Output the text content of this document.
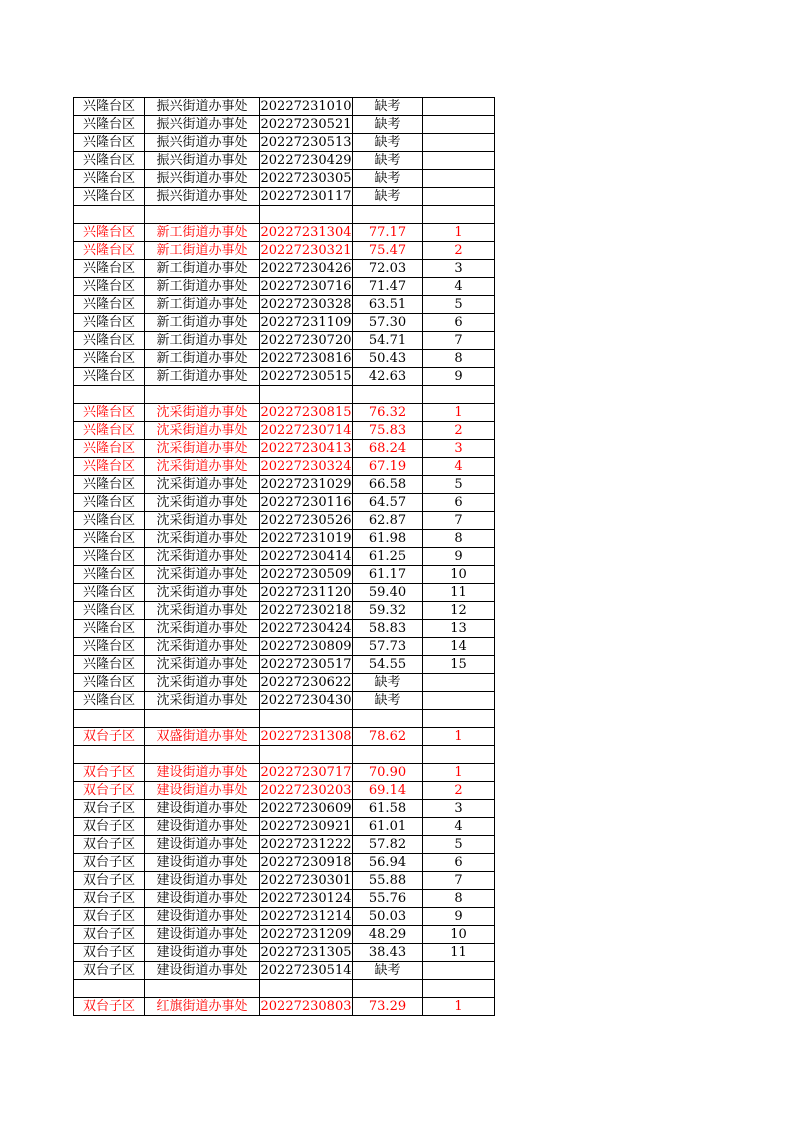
兴隆台区	振兴街道办事处	20227231010	缺考	
兴隆台区	振兴街道办事处	20227230521	缺考	
兴隆台区	振兴街道办事处	20227230513	缺考	
兴隆台区	振兴街道办事处	20227230429	缺考	
兴隆台区	振兴街道办事处	20227230305	缺考	
兴隆台区	振兴街道办事处	20227230117	缺考	

兴隆台区	新工街道办事处	20227231304	77.17	1
兴隆台区	新工街道办事处	20227230321	75.47	2
兴隆台区	新工街道办事处	20227230426	72.03	3
兴隆台区	新工街道办事处	20227230716	71.47	4
兴隆台区	新工街道办事处	20227230328	63.51	5
兴隆台区	新工街道办事处	20227231109	57.30	6
兴隆台区	新工街道办事处	20227230720	54.71	7
兴隆台区	新工街道办事处	20227230816	50.43	8
兴隆台区	新工街道办事处	20227230515	42.63	9

兴隆台区	沈采街道办事处	20227230815	76.32	1
兴隆台区	沈采街道办事处	20227230714	75.83	2
兴隆台区	沈采街道办事处	20227230413	68.24	3
兴隆台区	沈采街道办事处	20227230324	67.19	4
兴隆台区	沈采街道办事处	20227231029	66.58	5
兴隆台区	沈采街道办事处	20227230116	64.57	6
兴隆台区	沈采街道办事处	20227230526	62.87	7
兴隆台区	沈采街道办事处	20227231019	61.98	8
兴隆台区	沈采街道办事处	20227230414	61.25	9
兴隆台区	沈采街道办事处	20227230509	61.17	10
兴隆台区	沈采街道办事处	20227231120	59.40	11
兴隆台区	沈采街道办事处	20227230218	59.32	12
兴隆台区	沈采街道办事处	20227230424	58.83	13
兴隆台区	沈采街道办事处	20227230809	57.73	14
兴隆台区	沈采街道办事处	20227230517	54.55	15
兴隆台区	沈采街道办事处	20227230622	缺考	
兴隆台区	沈采街道办事处	20227230430	缺考	

双台子区	双盛街道办事处	20227231308	78.62	1

双台子区	建设街道办事处	20227230717	70.90	1
双台子区	建设街道办事处	20227230203	69.14	2
双台子区	建设街道办事处	20227230609	61.58	3
双台子区	建设街道办事处	20227230921	61.01	4
双台子区	建设街道办事处	20227231222	57.82	5
双台子区	建设街道办事处	20227230918	56.94	6
双台子区	建设街道办事处	20227230301	55.88	7
双台子区	建设街道办事处	20227230124	55.76	8
双台子区	建设街道办事处	20227231214	50.03	9
双台子区	建设街道办事处	20227231209	48.29	10
双台子区	建设街道办事处	20227231305	38.43	11
双台子区	建设街道办事处	20227230514	缺考	

双台子区	红旗街道办事处	20227230803	73.29	1
